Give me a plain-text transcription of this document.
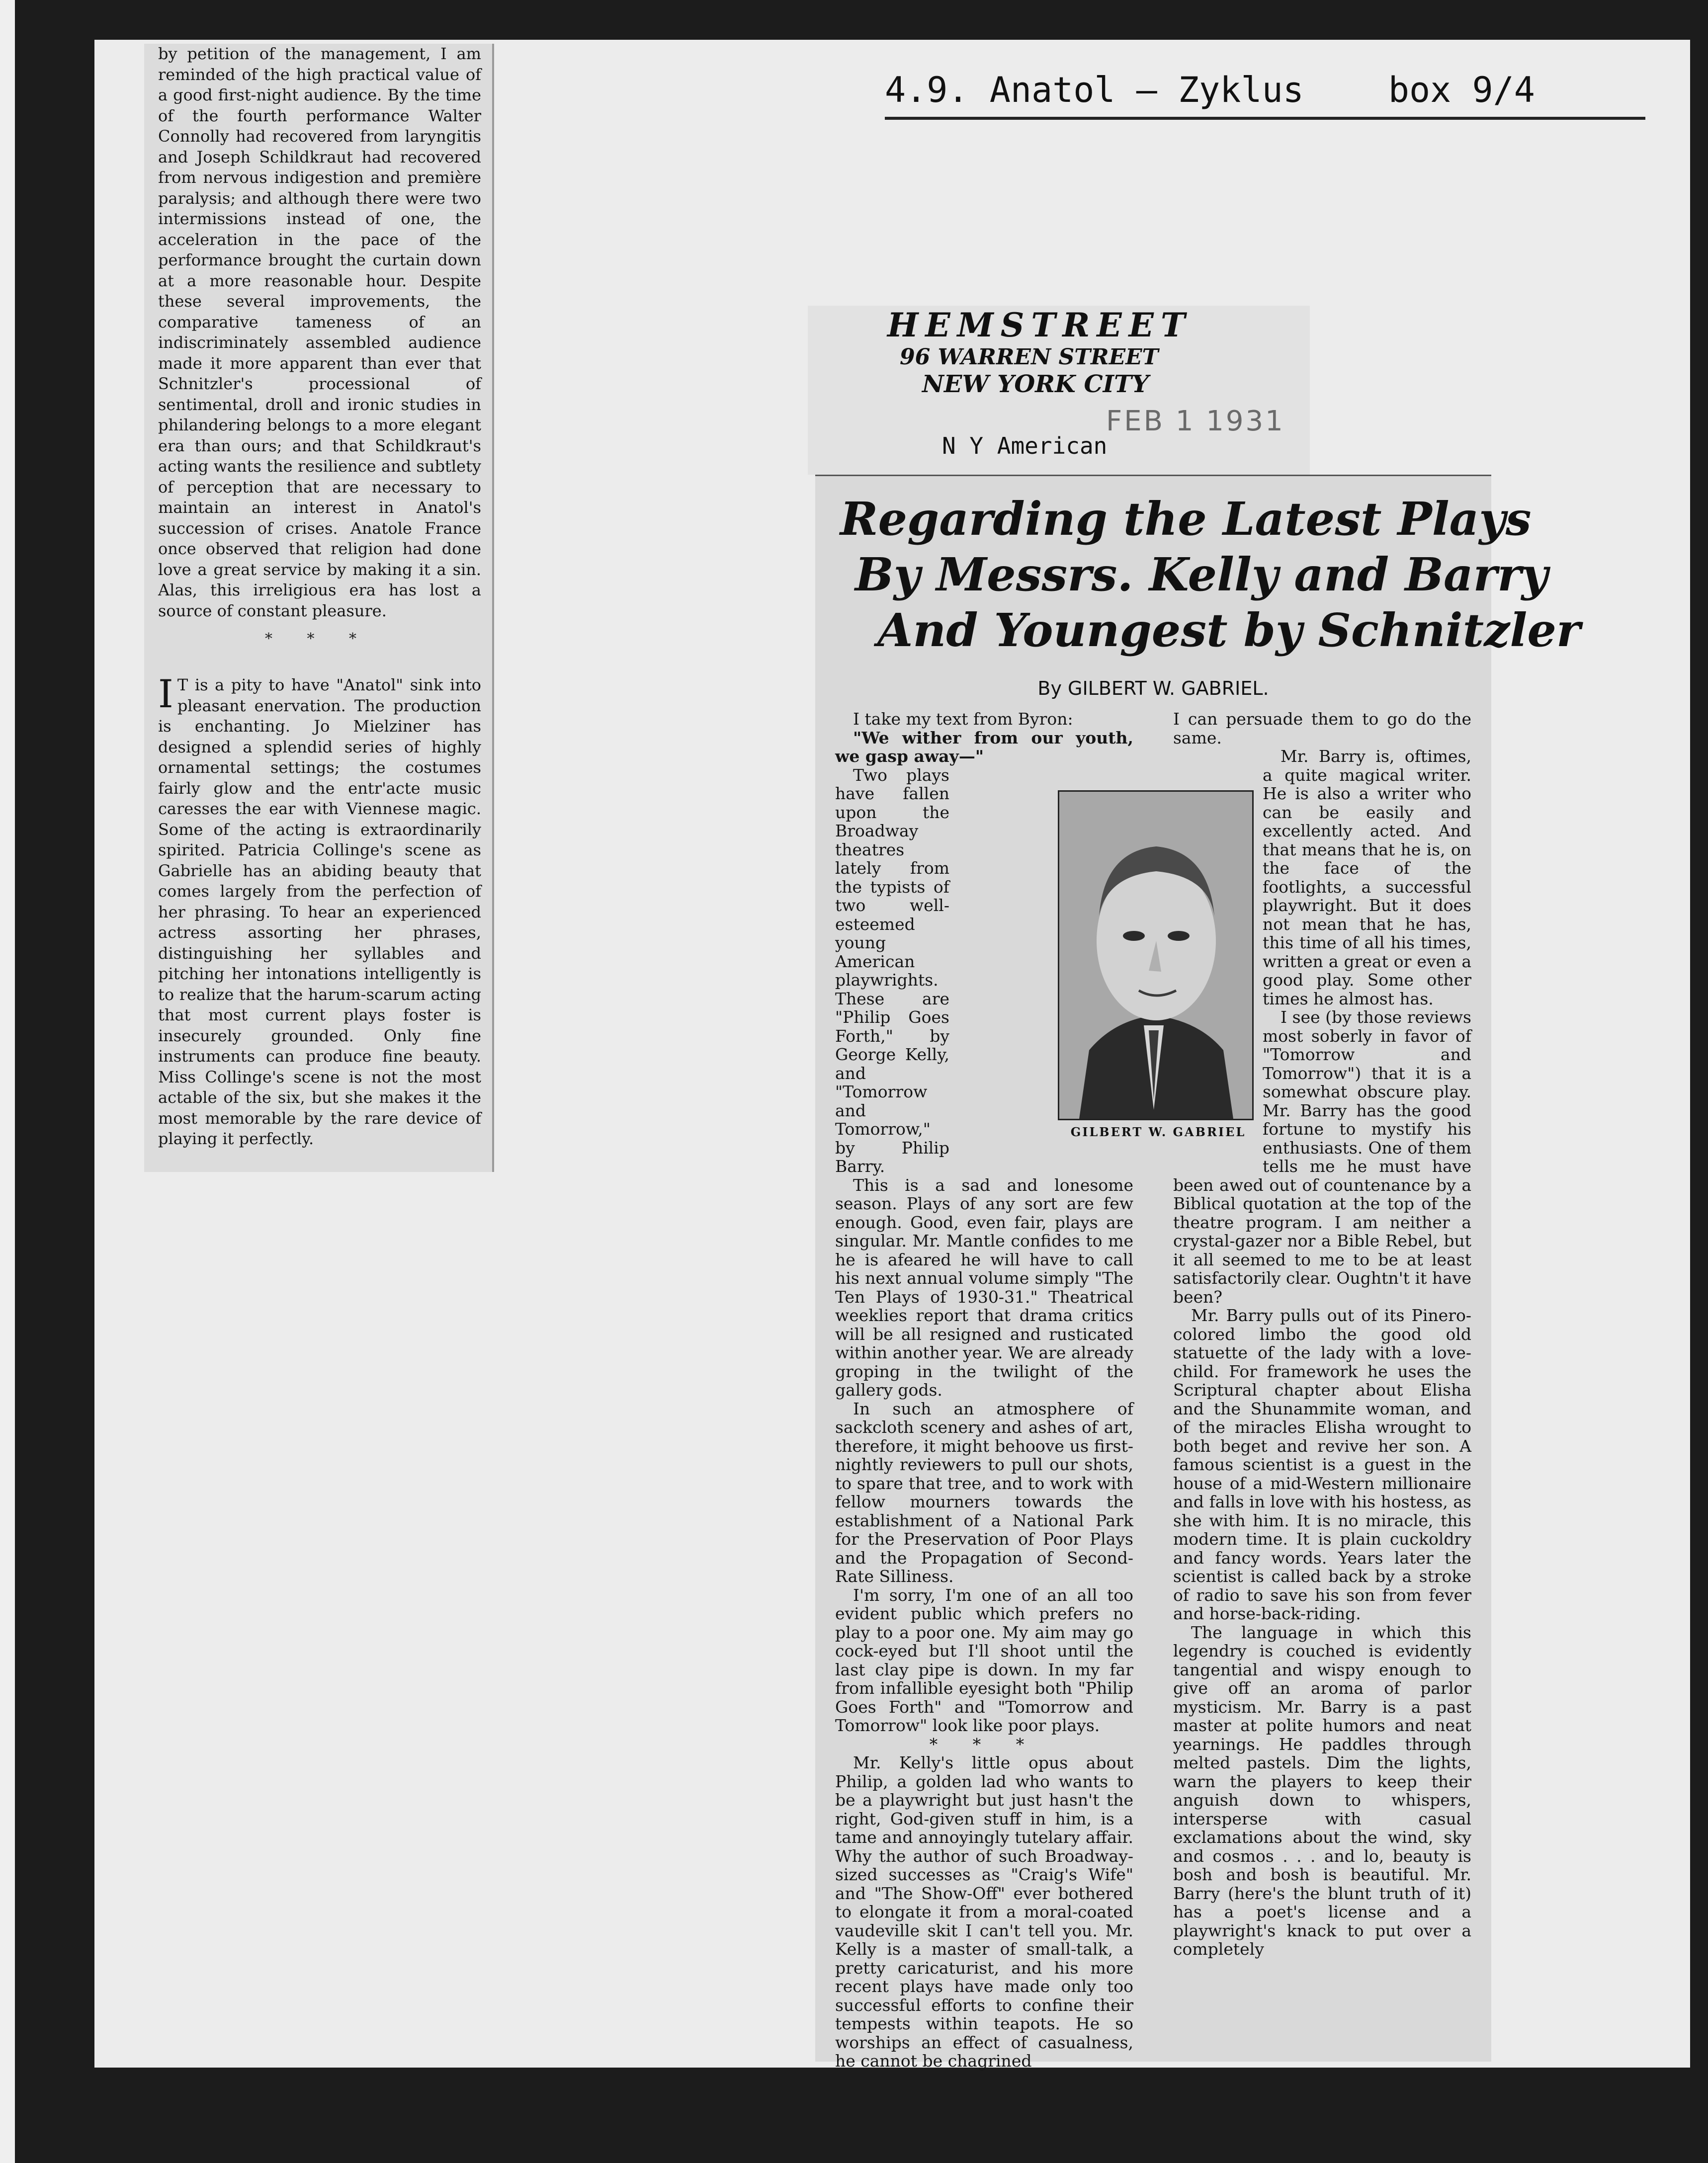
4.9. Anatol – Zyklus box 9/4

by petition of the management, I am reminded of the high practical value of a good first-night audience. By the time of the fourth performance Walter Connolly had recovered from laryngitis and Joseph Schildkraut had recovered from nervous indigestion and première paralysis; and although there were two intermissions instead of one, the acceleration in the pace of the performance brought the curtain down at a more reasonable hour. Despite these several improvements, the comparative tameness of an indiscriminately assembled audience made it more apparent than ever that Schnitzler's processional of sentimental, droll and ironic studies in philandering belongs to a more elegant era than ours; and that Schildkraut's acting wants the resilience and subtlety of perception that are necessary to maintain an interest in Anatol's succession of crises. Anatole France once observed that religion had done love a great service by making it a sin. Alas, this irreligious era has lost a source of constant pleasure.

* * *

I T is a pity to have "Anatol" sink into pleasant enervation. The production is enchanting. Jo Mielziner has designed a splendid series of highly ornamental settings; the costumes fairly glow and the entr'acte music caresses the ear with Viennese magic. Some of the acting is extraordinarily spirited. Patricia Collinge's scene as Gabrielle has an abiding beauty that comes largely from the perfection of her phrasing. To hear an experienced actress assorting her phrases, distinguishing her syllables and pitching her intonations intelligently is to realize that the harum-scarum acting that most current plays foster is insecurely grounded. Only fine instruments can produce fine beauty. Miss Collinge's scene is not the most actable of the six, but she makes it the most memorable by the rare device of playing it perfectly.

HEMSTREET
96 WARREN STREET
NEW YORK CITY
FEB 1 1931
N Y American
Regarding the Latest Plays
By Messrs. Kelly and Barry
And Youngest by Schnitzler
By GILBERT W. GABRIEL.

I take my text from Byron:

"We wither from our youth, we gasp away—"

Two plays have fallen upon the Broadway theatres lately from the typists of two well-esteemed young American playwrights. These are "Philip Goes Forth," by George Kelly, and "Tomorrow and Tomorrow," by Philip Barry.

This is a sad and lonesome season. Plays of any sort are few enough. Good, even fair, plays are singular. Mr. Mantle confides to me he is afeared he will have to call his next annual volume simply "The Ten Plays of 1930-31." Theatrical weeklies report that drama critics will be all resigned and rusticated within another year. We are already groping in the twilight of the gallery gods.

In such an atmosphere of sackcloth scenery and ashes of art, therefore, it might behoove us first-nightly reviewers to pull our shots, to spare that tree, and to work with fellow mourners towards the establishment of a National Park for the Preservation of Poor Plays and the Propagation of Second-Rate Silliness.

I'm sorry, I'm one of an all too evident public which prefers no play to a poor one. My aim may go cock-eyed but I'll shoot until the last clay pipe is down. In my far from infallible eyesight both "Philip Goes Forth" and "Tomorrow and Tomorrow" look like poor plays.

* * *

Mr. Kelly's little opus about Philip, a golden lad who wants to be a playwright but just hasn't the right, God-given stuff in him, is a tame and annoyingly tutelary affair. Why the author of such Broadway-sized successes as "Craig's Wife" and "The Show-Off" ever bothered to elongate it from a moral-coated vaudeville skit I can't tell you. Mr. Kelly is a master of small-talk, a pretty caricaturist, and his more recent plays have made only too successful efforts to confine their tempests within teapots. He so worships an effect of casualness, he cannot be chagrined

I can persuade them to go do the same.

Mr. Barry is, oftimes, a quite magical writer. He is also a writer who can be easily and excellently acted. And that means that he is, on the face of the footlights, a successful playwright. But it does not mean that he has, this time of all his times, written a great or even a good play. Some other times he almost has.

I see (by those reviews most soberly in favor of "Tomorrow and Tomorrow") that it is a somewhat obscure play. Mr. Barry has the good fortune to mystify his enthusiasts. One of them tells me he must have been awed out of countenance by a Biblical quotation at the top of the theatre program. I am neither a crystal-gazer nor a Bible Rebel, but it all seemed to me to be at least satisfactorily clear. Oughtn't it have been?

Mr. Barry pulls out of its Pinero-colored limbo the good old statuette of the lady with a love-child. For framework he uses the Scriptural chapter about Elisha and the Shunammite woman, and of the miracles Elisha wrought to both beget and revive her son. A famous scientist is a guest in the house of a mid-Western millionaire and falls in love with his hostess, as she with him. It is no miracle, this modern time. It is plain cuckoldry and fancy words. Years later the scientist is called back by a stroke of radio to save his son from fever and horse-back-riding.

The language in which this legendry is couched is evidently tangential and wispy enough to give off an aroma of parlor mysticism. Mr. Barry is a past master at polite humors and neat yearnings. He paddles through melted pastels. Dim the lights, warn the players to keep their anguish down to whispers, intersperse with casual exclamations about the wind, sky and cosmos . . . and lo, beauty is bosh and bosh is beautiful. Mr. Barry (here's the blunt truth of it) has a poet's license and a playwright's knack to put over a completely

GILBERT W. GABRIEL
